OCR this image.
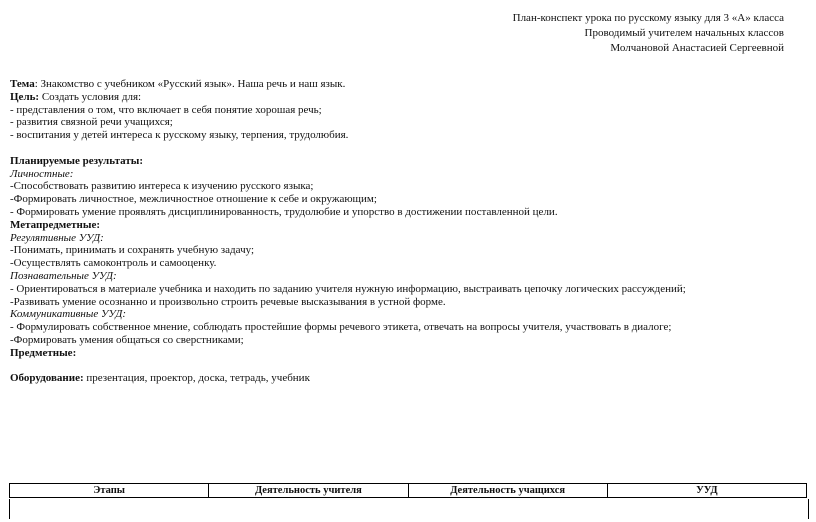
План-конспект урока по русскому языку для 3 «А» класса
Проводимый учителем начальных классов
Молчановой Анастасией Сергеевной
Тема: Знакомство с учебником «Русский язык». Наша речь и наш язык.
Цель: Создать условия для:
- представления о том, что включает в себя понятие хорошая речь;
- развития связной речи учащихся;
- воспитания у детей интереса к русскому языку, терпения, трудолюбия.
Планируемые результаты:
Личностные:
-Способствовать развитию интереса к изучению русского языка;
-Формировать личностное, межличностное отношение к себе и окружающим;
- Формировать умение проявлять дисциплинированность, трудолюбие и упорство в достижении поставленной цели.
Метапредметные:
Регулятивные УУД:
-Понимать, принимать и сохранять учебную задачу;
-Осуществлять самоконтроль и самооценку.
Познавательные УУД:
- Ориентироваться в материале учебника и находить по заданию учителя нужную информацию, выстраивать цепочку логических рассуждений;
-Развивать умение осознанно и произвольно строить речевые высказывания в устной форме.
Коммуникативные УУД:
- Формулировать собственное мнение, соблюдать простейшие формы речевого этикета, отвечать на вопросы учителя, участвовать в диалоге;
-Формировать умения общаться со сверстниками;
Предметные:
Оборудование: презентация, проектор, доска, тетрадь, учебник
Этапы	Деятельность учителя	Деятельность учащихся	УУД
